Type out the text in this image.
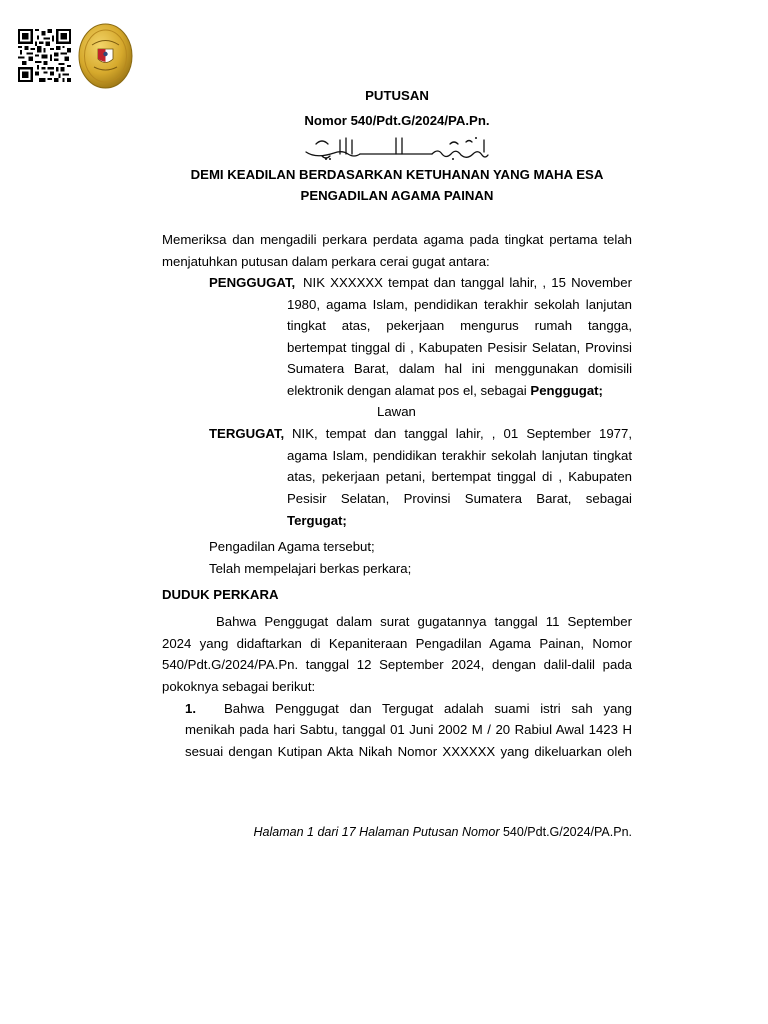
PUTUSAN
Nomor 540/Pdt.G/2024/PA.Pn.
DEMI KEADILAN BERDASARKAN KETUHANAN YANG MAHA ESA
PENGADILAN AGAMA PAINAN
Memeriksa dan mengadili perkara perdata agama pada tingkat pertama telah
menjatuhkan putusan dalam perkara cerai gugat antara:
PENGGUGAT, NIK XXXXXX tempat dan tanggal lahir, , 15 November
1980, agama Islam, pendidikan terakhir sekolah lanjutan
tingkat atas, pekerjaan mengurus rumah tangga,
bertempat tinggal di , Kabupaten Pesisir Selatan, Provinsi
Sumatera Barat, dalam hal ini menggunakan domisili
elektronik dengan alamat pos el, sebagai Penggugat;
Lawan
TERGUGAT, NIK, tempat dan tanggal lahir, , 01 September 1977,
agama Islam, pendidikan terakhir sekolah lanjutan tingkat
atas, pekerjaan petani, bertempat tinggal di , Kabupaten
Pesisir Selatan, Provinsi Sumatera Barat, sebagai
Tergugat;
Pengadilan Agama tersebut;
Telah mempelajari berkas perkara;
DUDUK PERKARA
Bahwa Penggugat dalam surat gugatannya tanggal 11 September
2024 yang didaftarkan di Kepaniteraan Pengadilan Agama Painan, Nomor
540/Pdt.G/2024/PA.Pn. tanggal 12 September 2024, dengan dalil-dalil pada
pokoknya sebagai berikut:
1. Bahwa Penggugat dan Tergugat adalah suami istri sah yang
menikah pada hari Sabtu, tanggal 01 Juni 2002 M / 20 Rabiul Awal 1423 H
sesuai dengan Kutipan Akta Nikah Nomor XXXXXX yang dikeluarkan oleh
Halaman 1 dari 17 Halaman Putusan Nomor 540/Pdt.G/2024/PA.Pn.
